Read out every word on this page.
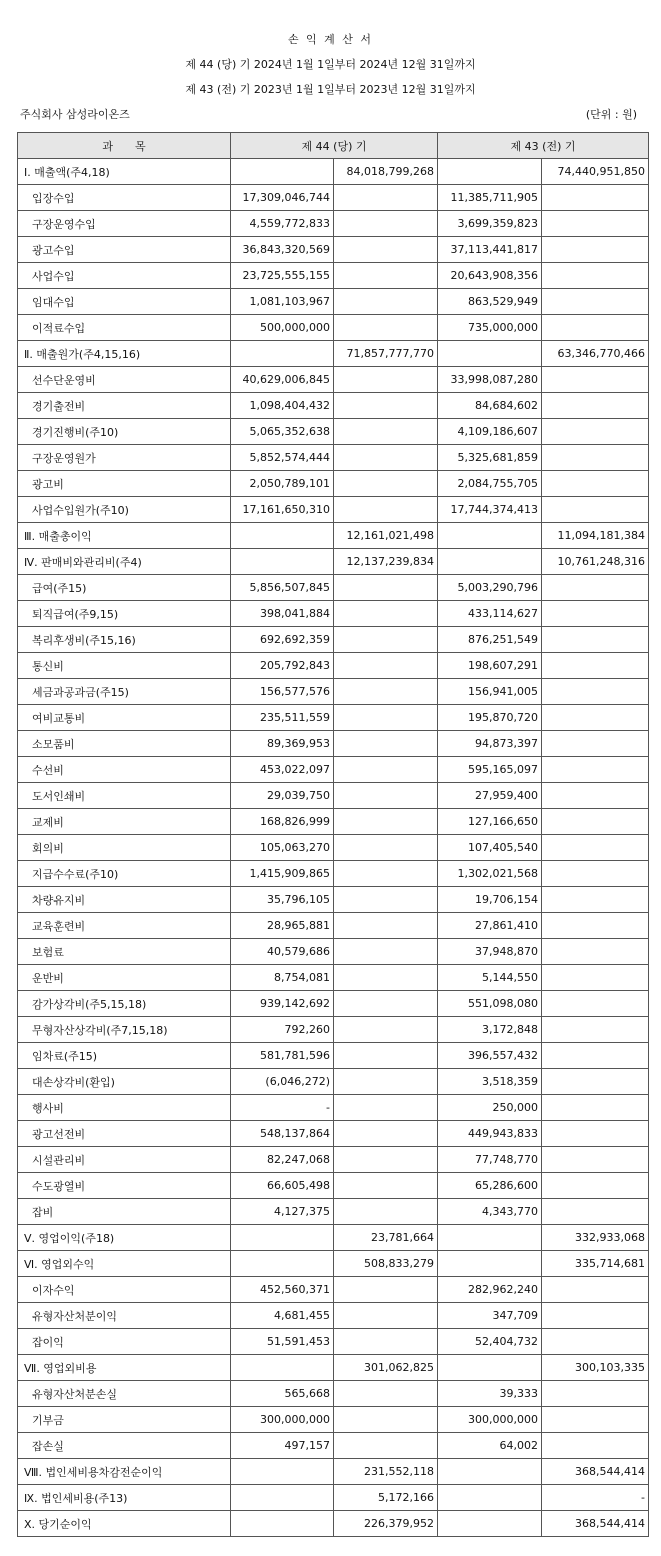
손 익 계 산 서
제 44 (당) 기 2024년 1월 1일부터 2024년 12월 31일까지
제 43 (전) 기 2023년 1월 1일부터 2023년 12월 31일까지
주식회사 삼성라이온즈	(단위 : 원)
과　　목	제 44 (당) 기		제 43 (전) 기	
Ⅰ. 매출액(주4,18)		84,018,799,268		74,440,951,850
입장수입	17,309,046,744		11,385,711,905	
구장운영수입	4,559,772,833		3,699,359,823	
광고수입	36,843,320,569		37,113,441,817	
사업수입	23,725,555,155		20,643,908,356	
임대수입	1,081,103,967		863,529,949	
이적료수입	500,000,000		735,000,000	
Ⅱ. 매출원가(주4,15,16)		71,857,777,770		63,346,770,466
선수단운영비	40,629,006,845		33,998,087,280	
경기출전비	1,098,404,432		84,684,602	
경기진행비(주10)	5,065,352,638		4,109,186,607	
구장운영원가	5,852,574,444		5,325,681,859	
광고비	2,050,789,101		2,084,755,705	
사업수입원가(주10)	17,161,650,310		17,744,374,413	
Ⅲ. 매출총이익		12,161,021,498		11,094,181,384
Ⅳ. 판매비와관리비(주4)		12,137,239,834		10,761,248,316
급여(주15)	5,856,507,845		5,003,290,796	
퇴직급여(주9,15)	398,041,884		433,114,627	
복리후생비(주15,16)	692,692,359		876,251,549	
통신비	205,792,843		198,607,291	
세금과공과금(주15)	156,577,576		156,941,005	
여비교통비	235,511,559		195,870,720	
소모품비	89,369,953		94,873,397	
수선비	453,022,097		595,165,097	
도서인쇄비	29,039,750		27,959,400	
교제비	168,826,999		127,166,650	
회의비	105,063,270		107,405,540	
지급수수료(주10)	1,415,909,865		1,302,021,568	
차량유지비	35,796,105		19,706,154	
교육훈련비	28,965,881		27,861,410	
보험료	40,579,686		37,948,870	
운반비	8,754,081		5,144,550	
감가상각비(주5,15,18)	939,142,692		551,098,080	
무형자산상각비(주7,15,18)	792,260		3,172,848	
임차료(주15)	581,781,596		396,557,432	
대손상각비(환입)	(6,046,272)		3,518,359	
행사비	-		250,000	
광고선전비	548,137,864		449,943,833	
시설관리비	82,247,068		77,748,770	
수도광열비	66,605,498		65,286,600	
잡비	4,127,375		4,343,770	
Ⅴ. 영업이익(주18)		23,781,664		332,933,068
Ⅵ. 영업외수익		508,833,279		335,714,681
이자수익	452,560,371		282,962,240	
유형자산처분이익	4,681,455		347,709	
잡이익	51,591,453		52,404,732	
Ⅶ. 영업외비용		301,062,825		300,103,335
유형자산처분손실	565,668		39,333	
기부금	300,000,000		300,000,000	
잡손실	497,157		64,002	
Ⅷ. 법인세비용차감전순이익		231,552,118		368,544,414
Ⅸ. 법인세비용(주13)		5,172,166		-
Ⅹ. 당기순이익		226,379,952		368,544,414
